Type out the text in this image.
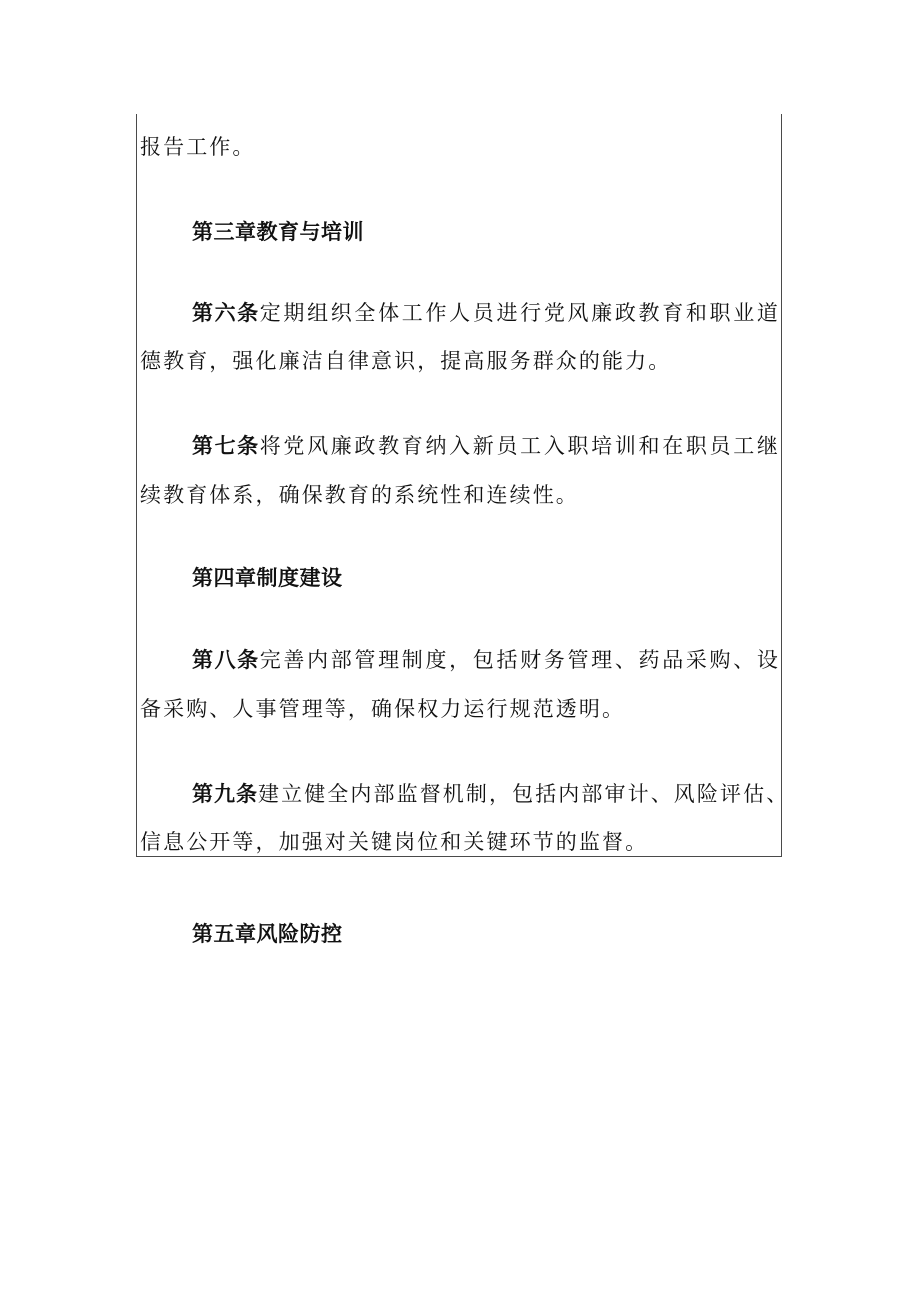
报告工作。
第三章教育与培训
第六条定期组织全体工作人员进行党风廉政教育和职业道
德教育，强化廉洁自律意识，提高服务群众的能力。
第七条将党风廉政教育纳入新员工入职培训和在职员工继
续教育体系，确保教育的系统性和连续性。
第四章制度建设
第八条完善内部管理制度，包括财务管理、药品采购、设
备采购、人事管理等，确保权力运行规范透明。
第九条建立健全内部监督机制，包括内部审计、风险评估、
信息公开等，加强对关键岗位和关键环节的监督。
第五章风险防控
